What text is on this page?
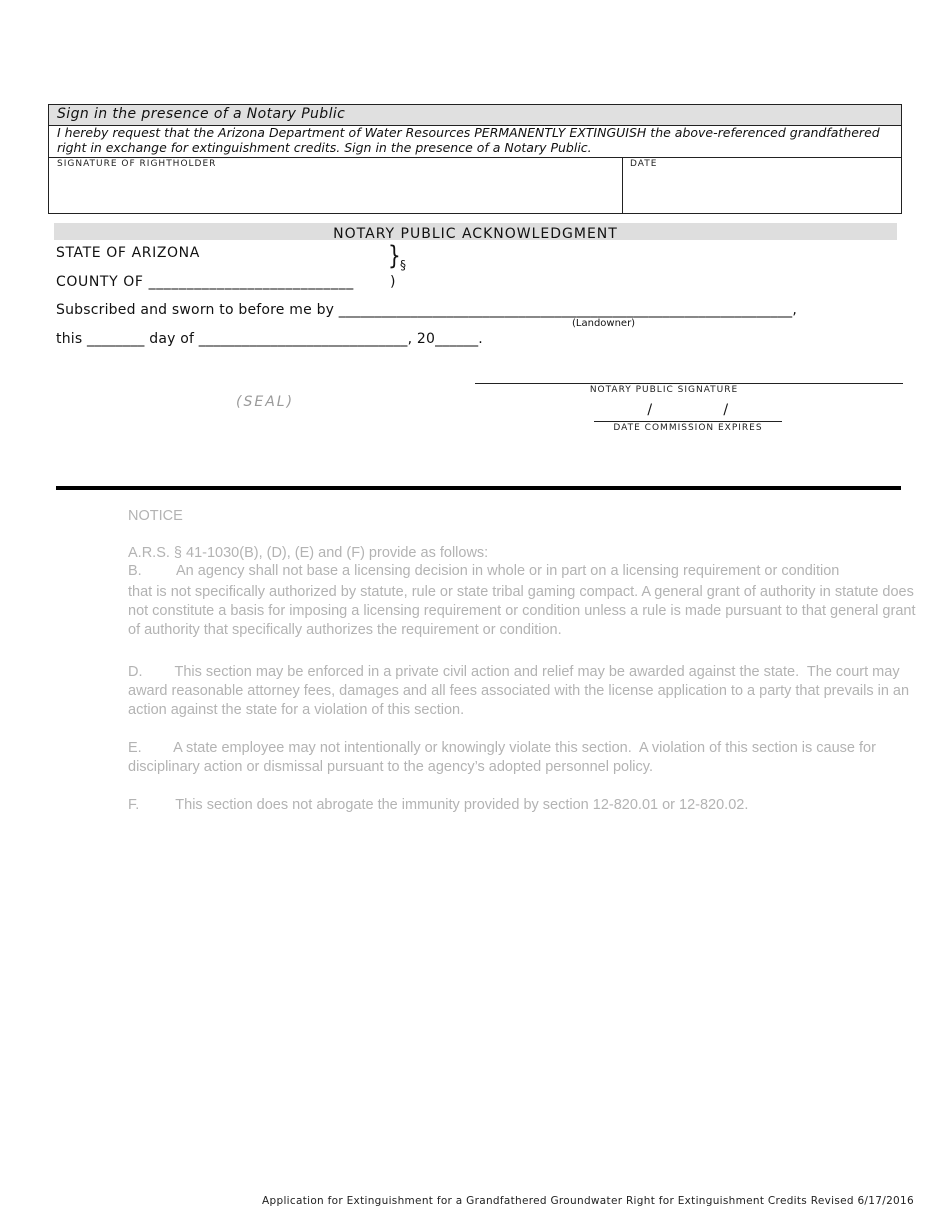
Sign in the presence of a Notary Public
I hereby request that the Arizona Department of Water Resources PERMANENTLY EXTINGUISH the above-referenced grandfathered right in exchange for extinguishment credits. Sign in the presence of a Notary Public.
SIGNATURE OF RIGHTHOLDER	DATE
NOTARY PUBLIC ACKNOWLEDGMENT
STATE OF ARIZONA	} §
COUNTY OF ___________________________	)
Subscribed and sworn to before me by _______________________________________________________________,
(Landowner)
this ________ day of _____________________________, 20______.
(SEAL)
NOTARY PUBLIC SIGNATURE
/              /
DATE COMMISSION EXPIRES
NOTICE
A.R.S. § 41-1030(B), (D), (E) and (F) provide as follows:
B. An agency shall not base a licensing decision in whole or in part on a licensing requirement or condition
that is not specifically authorized by statute, rule or state tribal gaming compact. A general grant of authority in statute does not constitute a basis for imposing a licensing requirement or condition unless a rule is made pursuant to that general grant of authority that specifically authorizes the requirement or condition.
D.        This section may be enforced in a private civil action and relief may be awarded against the state.  The court may award reasonable attorney fees, damages and all fees associated with the license application to a party that prevails in an action against the state for a violation of this section.
E.        A state employee may not intentionally or knowingly violate this section.  A violation of this section is cause for disciplinary action or dismissal pursuant to the agency’s adopted personnel policy.
F.         This section does not abrogate the immunity provided by section 12-820.01 or 12-820.02.
Application for Extinguishment for a Grandfathered Groundwater Right for Extinguishment Credits Revised 6/17/2016
